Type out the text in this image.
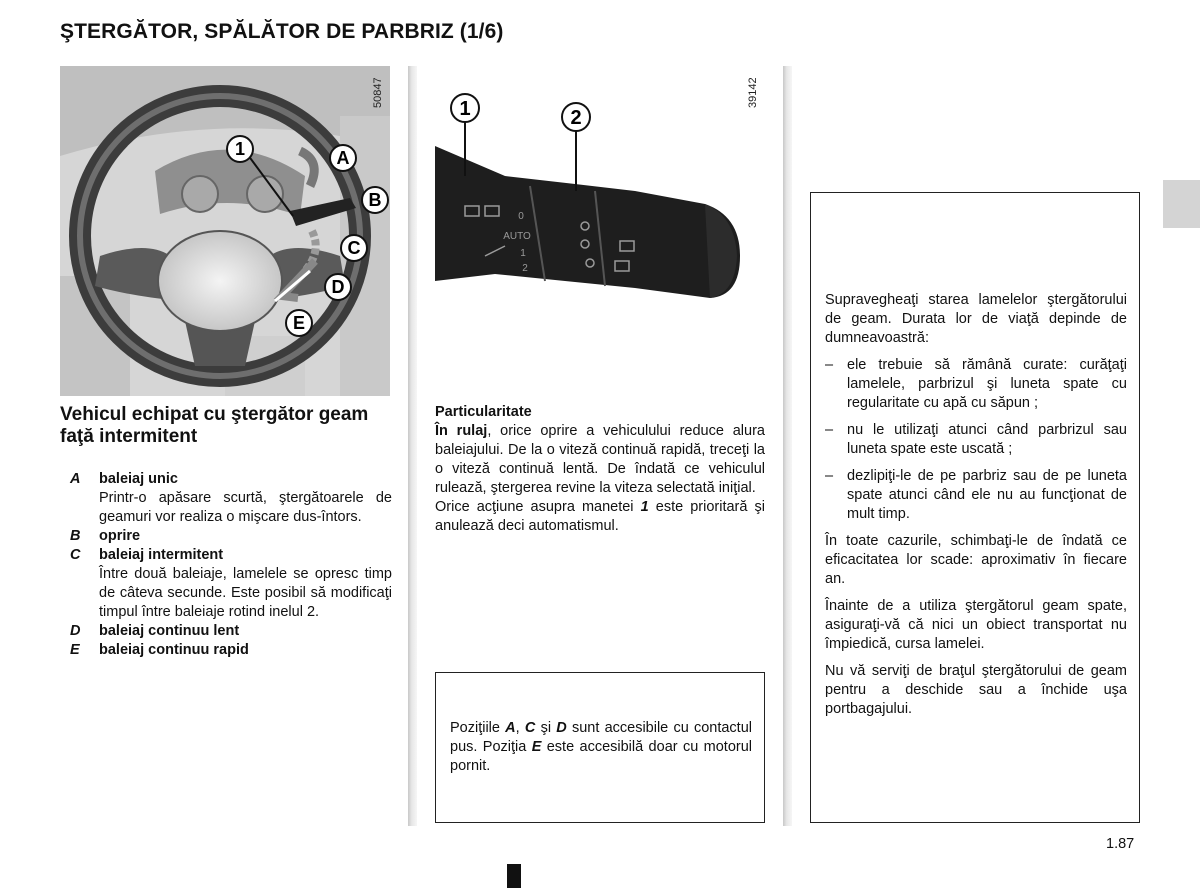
ŞTERGĂTOR, SPĂLĂTOR DE PARBRIZ (1/6)
1	A
B
C
D
E
50847
AUTO
0
1
2
1	2
39142
Vehicul echipat cu ştergător geam faţă intermitent
A	baleiaj unic
Printr-o apăsare scurtă, ştergătoarele de geamuri vor realiza o mişcare dus-întors.
B	oprire
C	baleiaj intermitent
Între două baleiaje, lamelele se opresc timp de câteva secunde. Este posibil să modificaţi timpul între baleiaje rotind inelul 2.
D	baleiaj continuu lent
E	baleiaj continuu rapid
Particularitate
În rulaj, orice oprire a vehiculului reduce alura baleiajului. De la o viteză continuă rapidă, treceţi la o viteză continuă lentă. De îndată ce vehiculul rulează, ştergerea revine la viteza selectată iniţial.
Orice acţiune asupra manetei 1 este prioritară şi anulează deci automatismul.

Poziţiile A, C şi D sunt accesibile cu contactul pus. Poziţia E este accesibilă doar cu motorul pornit.

Supravegheaţi starea lamelelor ştergătorului de geam. Durata lor de viaţă depinde de dumneavoastră:

– ele trebuie să rămână curate: curăţaţi lamelele, parbrizul şi luneta spate cu regularitate cu apă cu săpun ;
– nu le utilizaţi atunci când parbrizul sau luneta spate este uscată ;
– dezlipiţi-le de pe parbriz sau de pe luneta spate atunci când ele nu au funcţionat de mult timp.

În toate cazurile, schimbaţi-le de îndată ce eficacitatea lor scade: aproximativ în fiecare an.

Înainte de a utiliza ştergătorul geam spate, asiguraţi-vă că nici un obiect transportat nu împiedică, cursa lamelei.

Nu vă serviţi de braţul ştergătorului de geam pentru a deschide sau a închide uşa portbagajului.

1.87
